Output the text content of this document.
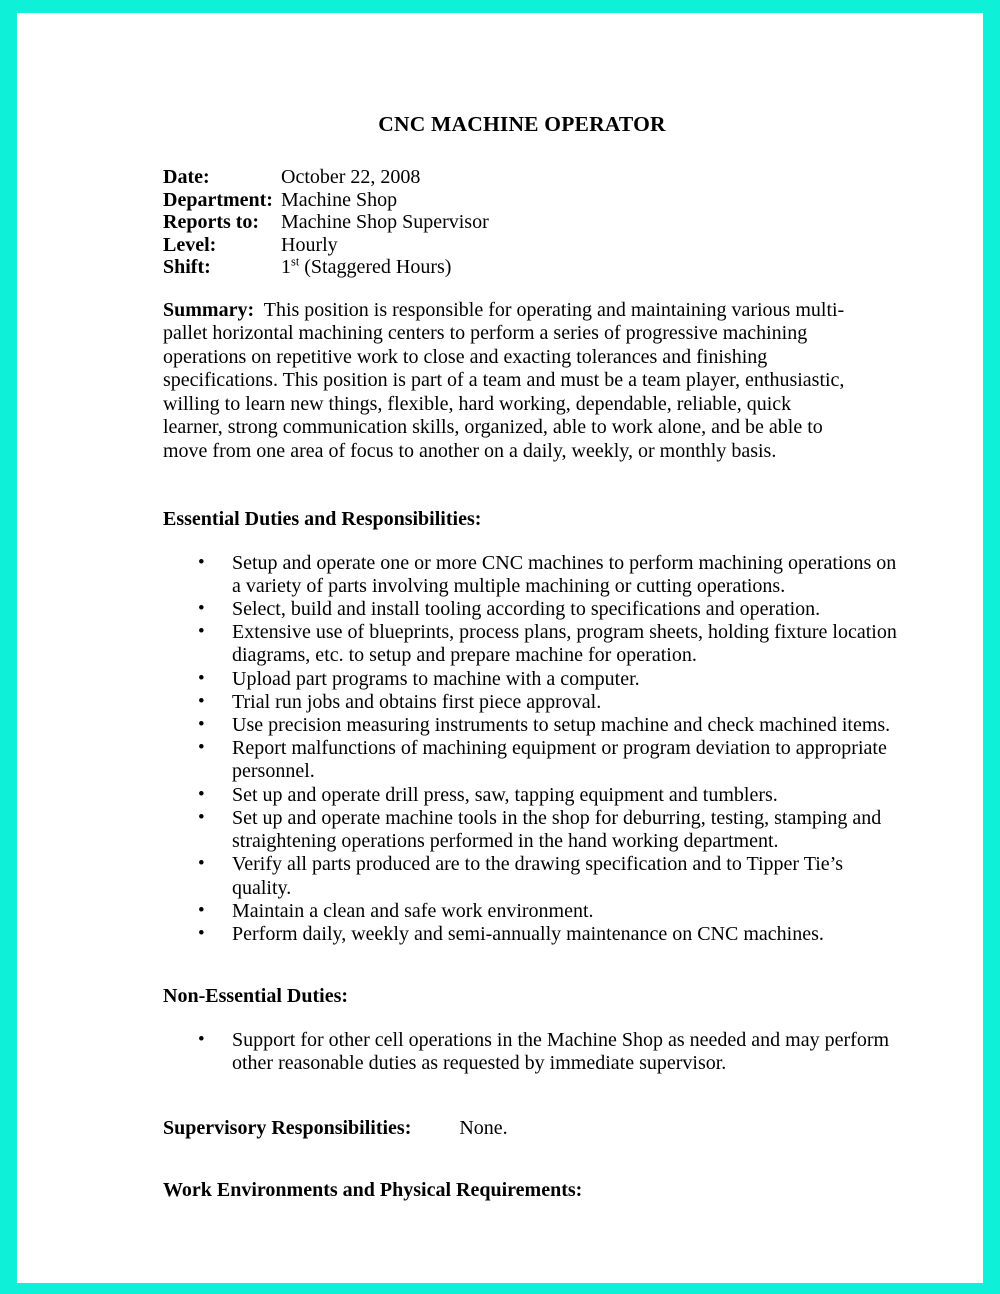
CNC MACHINE OPERATOR
Date:	October 22, 2008
Department:	Machine Shop
Reports to:	Machine Shop Supervisor
Level:	Hourly
Shift:	1st (Staggered Hours)

Summary: This position is responsible for operating and maintaining various multi-pallet horizontal machining centers to perform a series of progressive machining operations on repetitive work to close and exacting tolerances and finishing specifications. This position is part of a team and must be a team player, enthusiastic, willing to learn new things, flexible, hard working, dependable, reliable, quick learner, strong communication skills, organized, able to work alone, and be able to move from one area of focus to another on a daily, weekly, or monthly basis.

Essential Duties and Responsibilities:
• Setup and operate one or more CNC machines to perform machining operations on a variety of parts involving multiple machining or cutting operations.
• Select, build and install tooling according to specifications and operation.
• Extensive use of blueprints, process plans, program sheets, holding fixture location diagrams, etc. to setup and prepare machine for operation.
• Upload part programs to machine with a computer.
• Trial run jobs and obtains first piece approval.
• Use precision measuring instruments to setup machine and check machined items.
• Report malfunctions of machining equipment or program deviation to appropriate personnel.
• Set up and operate drill press, saw, tapping equipment and tumblers.
• Set up and operate machine tools in the shop for deburring, testing, stamping and straightening operations performed in the hand working department.
• Verify all parts produced are to the drawing specification and to Tipper Tie’s quality.
• Maintain a clean and safe work environment.
• Perform daily, weekly and semi-annually maintenance on CNC machines.
Non-Essential Duties:
• Support for other cell operations in the Machine Shop as needed and may perform other reasonable duties as requested by immediate supervisor.
Supervisory Responsibilities: None.
Work Environments and Physical Requirements:
